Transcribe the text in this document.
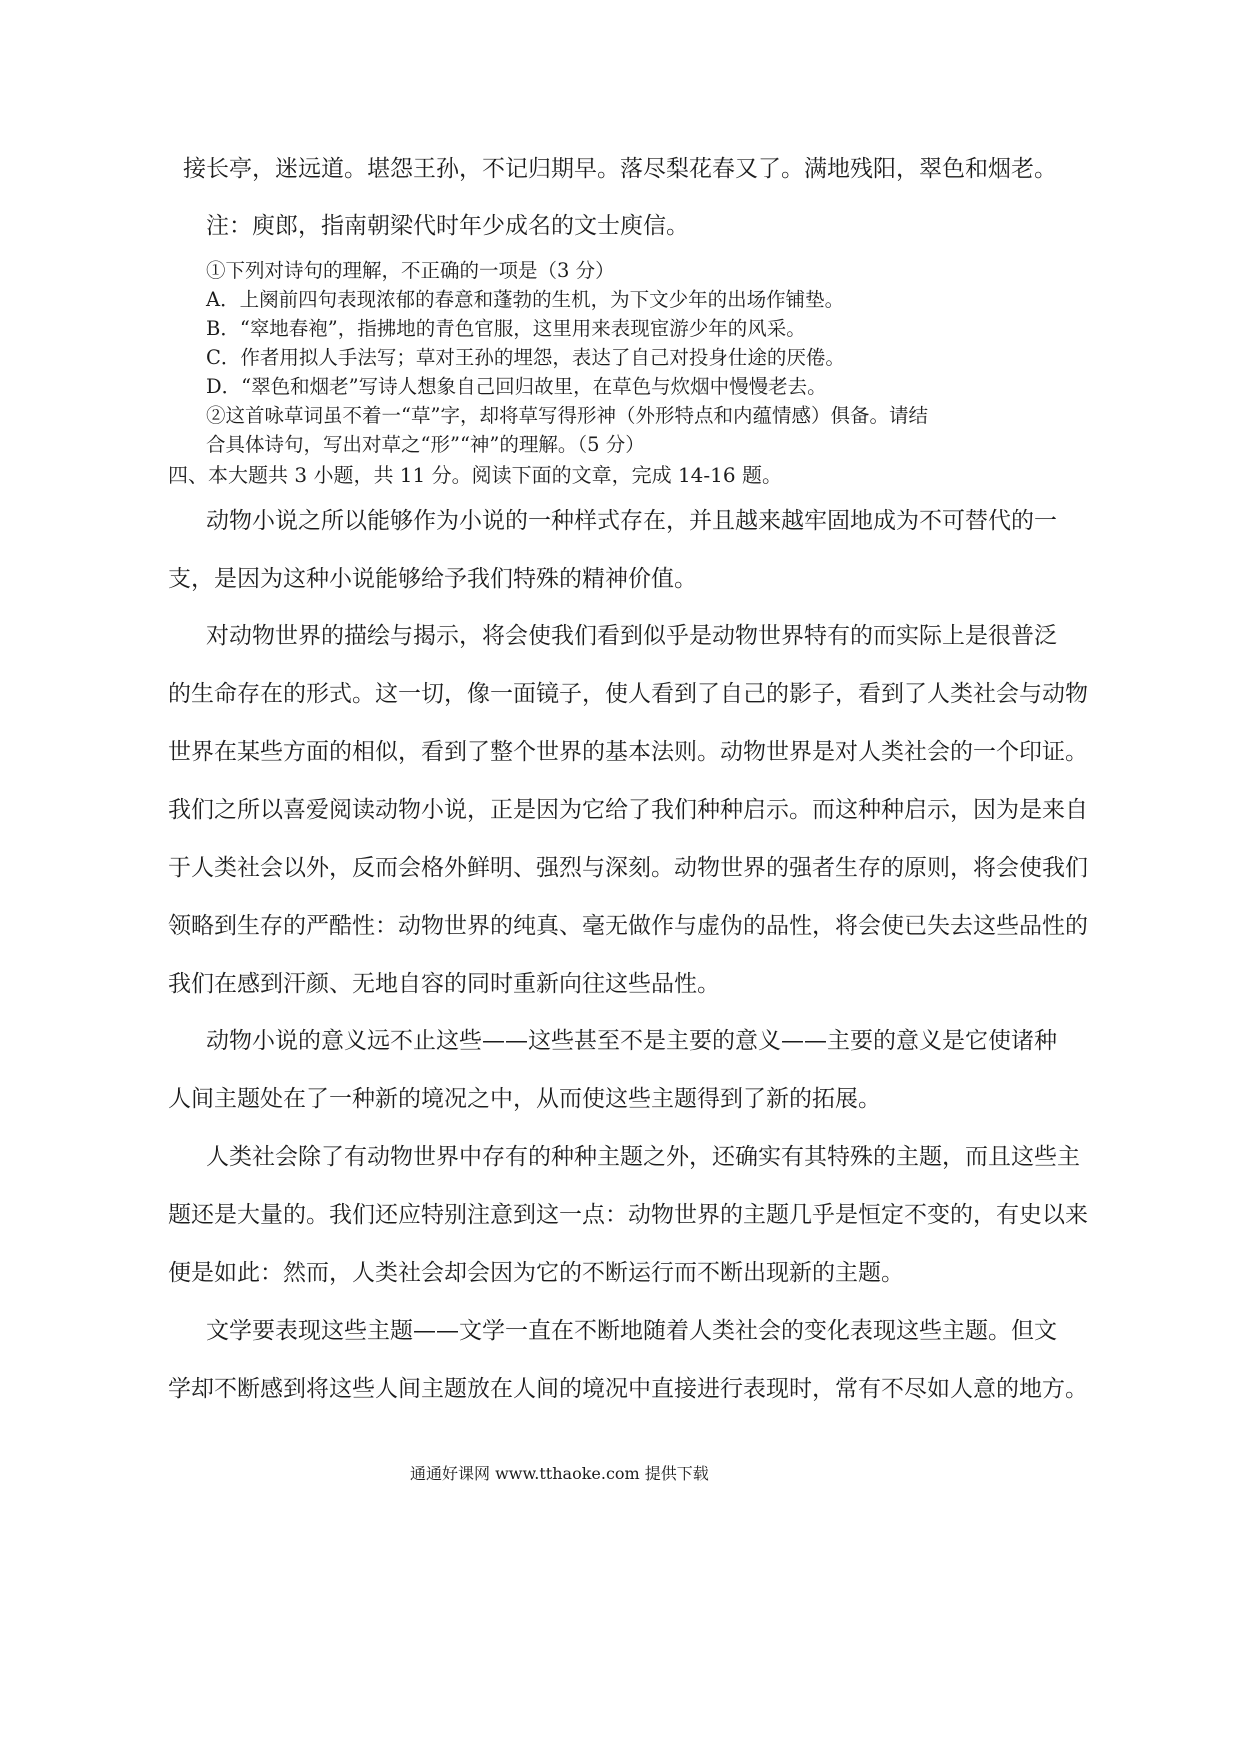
接长亭，迷远道。堪怨王孙，不记归期早。落尽梨花春又了。满地残阳，翠色和烟老。
注：庾郎，指南朝梁代时年少成名的文士庾信。
①下列对诗句的理解，不正确的一项是（3 分）
A．上阕前四句表现浓郁的春意和蓬勃的生机，为下文少年的出场作铺垫。
B．“窣地春袍”，指拂地的青色官服，这里用来表现宦游少年的风采。
C．作者用拟人手法写；草对王孙的埋怨，表达了自己对投身仕途的厌倦。
D．“翠色和烟老”写诗人想象自己回归故里，在草色与炊烟中慢慢老去。
②这首咏草词虽不着一“草”字，却将草写得形神（外形特点和内蕴情感）俱备。请结
合具体诗句，写出对草之“形”“神”的理解。（5 分）
四、本大题共 3 小题，共 11 分。阅读下面的文章，完成 14-16 题。
动物小说之所以能够作为小说的一种样式存在，并且越来越牢固地成为不可替代的一
支，是因为这种小说能够给予我们特殊的精神价值。
对动物世界的描绘与揭示，将会使我们看到似乎是动物世界特有的而实际上是很普泛
的生命存在的形式。这一切，像一面镜子，使人看到了自己的影子，看到了人类社会与动物
世界在某些方面的相似，看到了整个世界的基本法则。动物世界是对人类社会的一个印证。
我们之所以喜爱阅读动物小说，正是因为它给了我们种种启示。而这种种启示，因为是来自
于人类社会以外，反而会格外鲜明、强烈与深刻。动物世界的强者生存的原则，将会使我们
领略到生存的严酷性：动物世界的纯真、毫无做作与虚伪的品性，将会使已失去这些品性的
我们在感到汗颜、无地自容的同时重新向往这些品性。
动物小说的意义远不止这些——这些甚至不是主要的意义——主要的意义是它使诸种
人间主题处在了一种新的境况之中，从而使这些主题得到了新的拓展。
人类社会除了有动物世界中存有的种种主题之外，还确实有其特殊的主题，而且这些主
题还是大量的。我们还应特别注意到这一点：动物世界的主题几乎是恒定不变的，有史以来
便是如此：然而，人类社会却会因为它的不断运行而不断出现新的主题。
文学要表现这些主题——文学一直在不断地随着人类社会的变化表现这些主题。但文
学却不断感到将这些人间主题放在人间的境况中直接进行表现时，常有不尽如人意的地方。
通通好课网 www.tthaoke.com 提供下载
